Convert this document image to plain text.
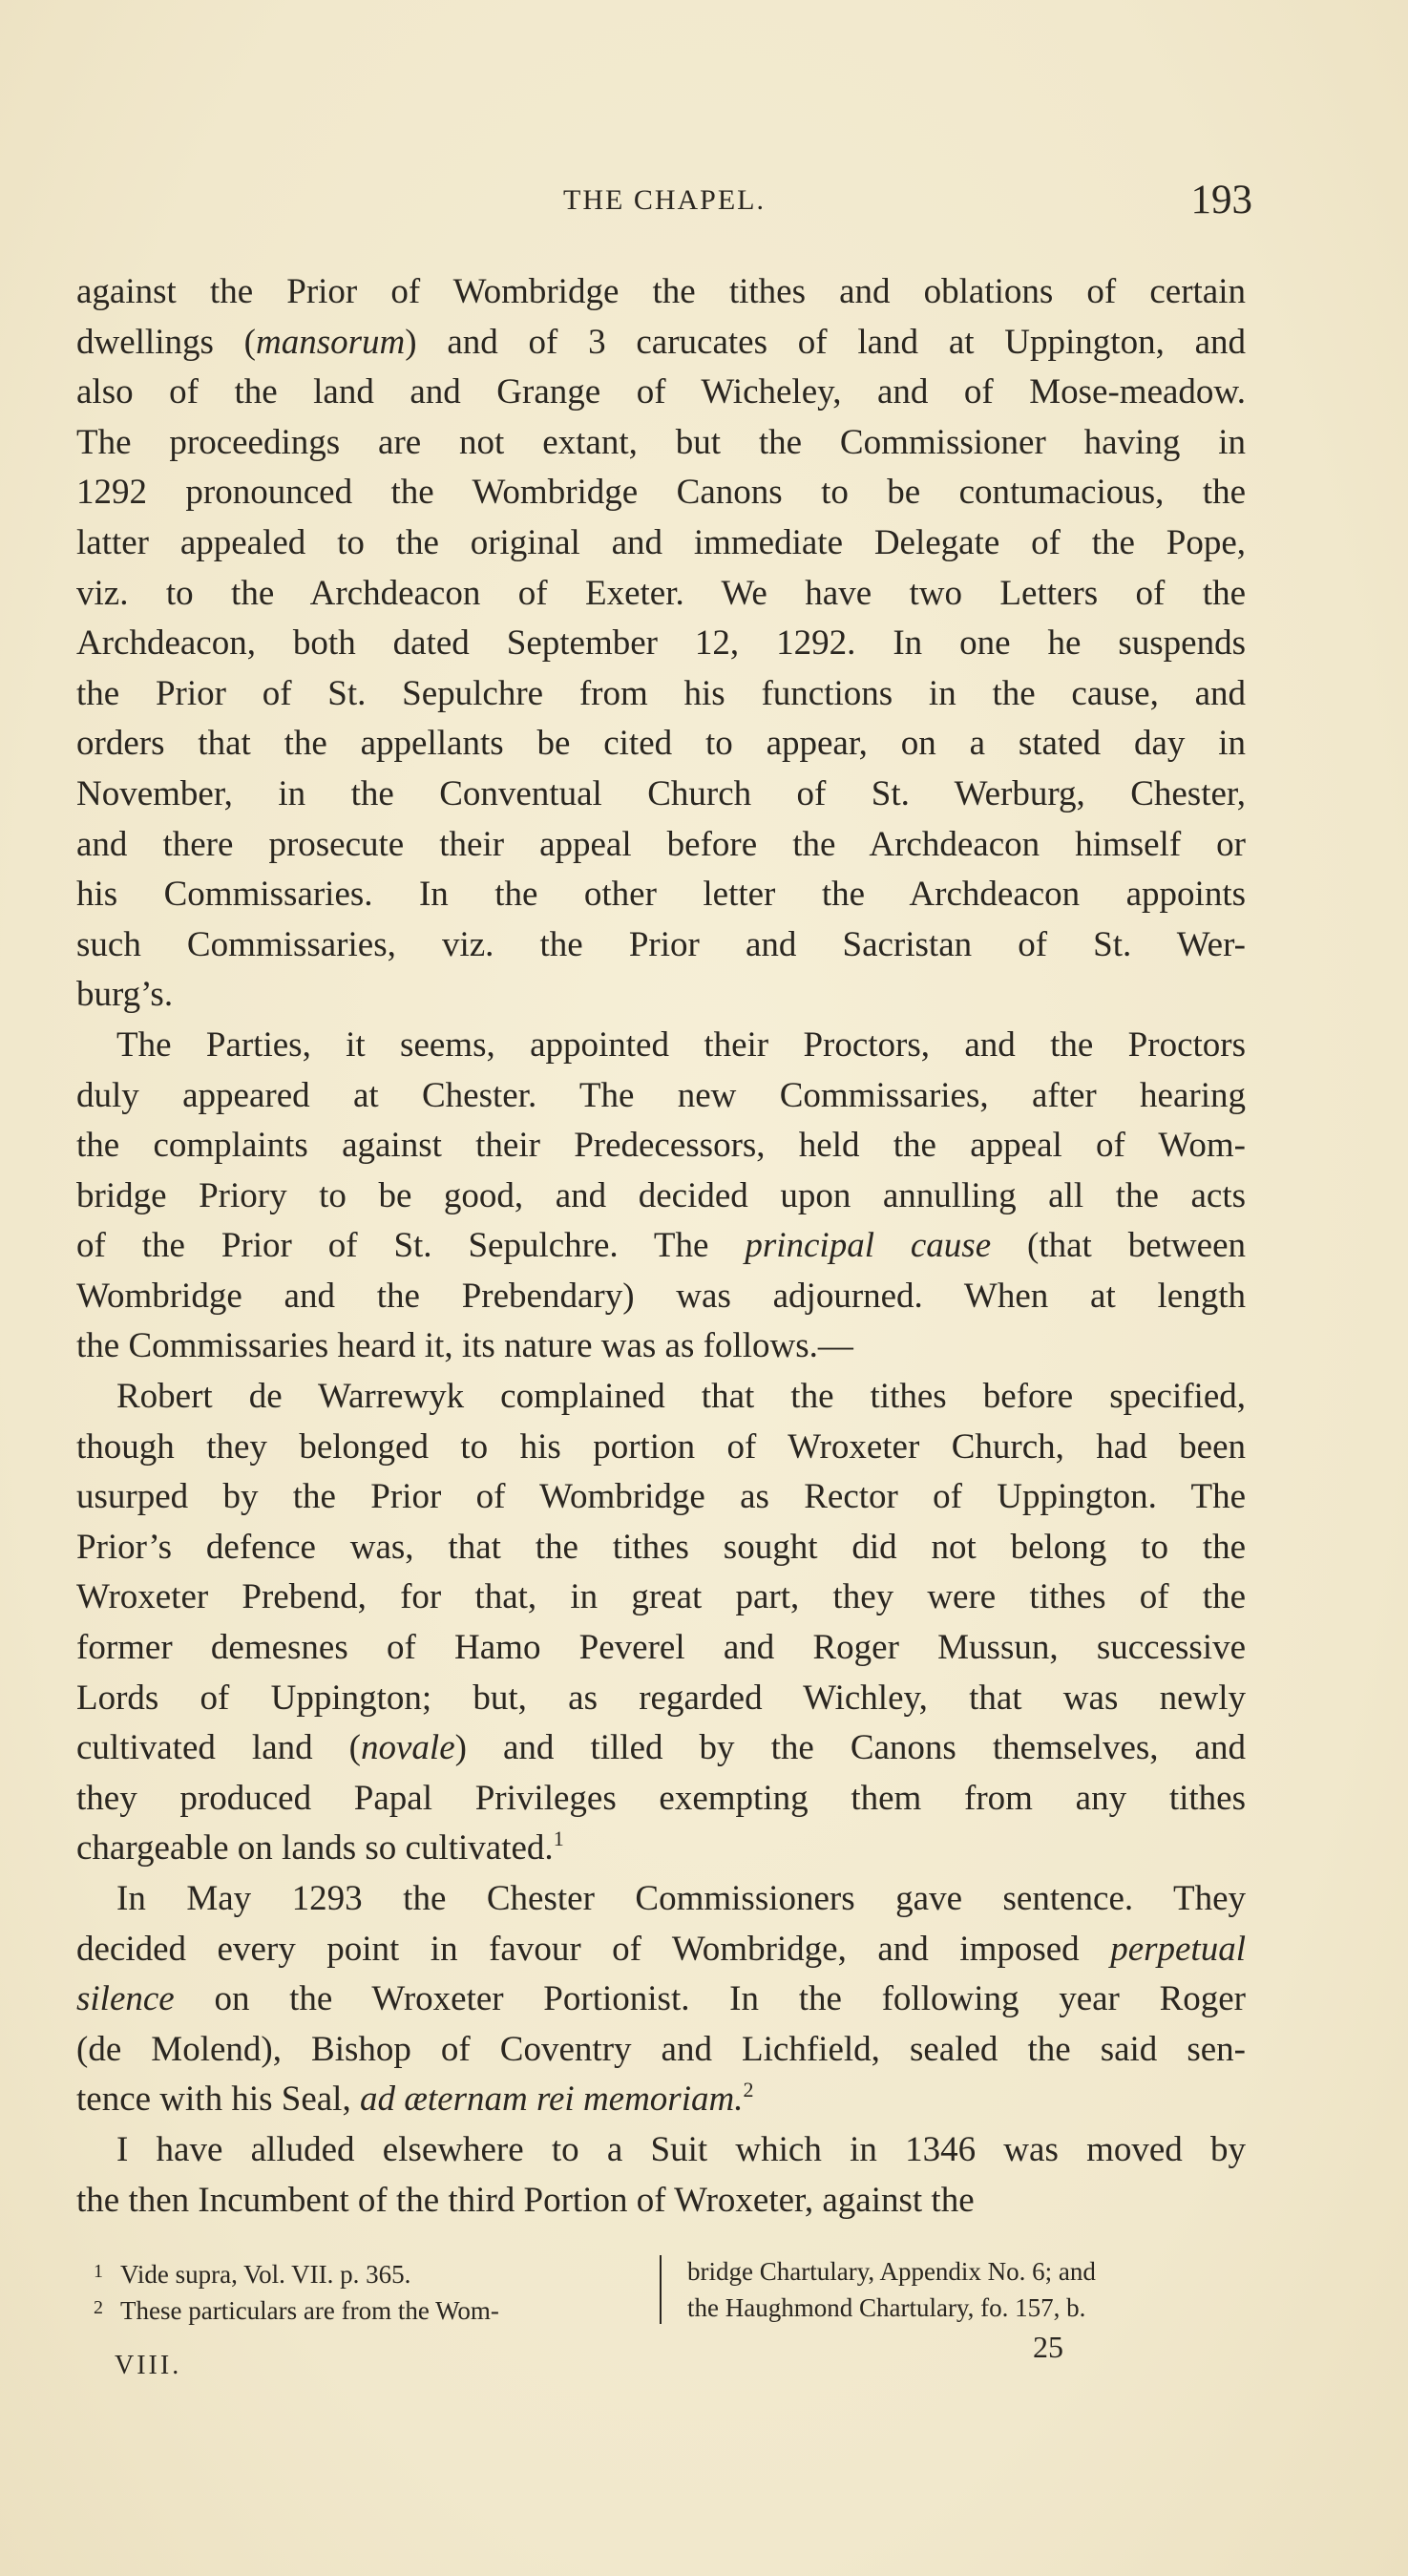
THE CHAPEL.	193
against the Prior of Wombridge the tithes and oblations of certain
dwellings (mansorum) and of 3 carucates of land at Uppington, and
also of the land and Grange of Wicheley, and of Mose-meadow.
The proceedings are not extant, but the Commissioner having in
1292 pronounced the Wombridge Canons to be contumacious, the
latter appealed to the original and immediate Delegate of the Pope,
viz. to the Archdeacon of Exeter. We have two Letters of the
Archdeacon, both dated September 12, 1292. In one he suspends
the Prior of St. Sepulchre from his functions in the cause, and
orders that the appellants be cited to appear, on a stated day in
November, in the Conventual Church of St. Werburg, Chester,
and there prosecute their appeal before the Archdeacon himself or
his Commissaries. In the other letter the Archdeacon appoints
such Commissaries, viz. the Prior and Sacristan of St. Wer-
burg’s.
The Parties, it seems, appointed their Proctors, and the Proctors
duly appeared at Chester. The new Commissaries, after hearing
the complaints against their Predecessors, held the appeal of Wom-
bridge Priory to be good, and decided upon annulling all the acts
of the Prior of St. Sepulchre. The principal cause (that between
Wombridge and the Prebendary) was adjourned. When at length
the Commissaries heard it, its nature was as follows.—
Robert de Warrewyk complained that the tithes before specified,
though they belonged to his portion of Wroxeter Church, had been
usurped by the Prior of Wombridge as Rector of Uppington. The
Prior’s defence was, that the tithes sought did not belong to the
Wroxeter Prebend, for that, in great part, they were tithes of the
former demesnes of Hamo Peverel and Roger Mussun, successive
Lords of Uppington; but, as regarded Wichley, that was newly
cultivated land (novale) and tilled by the Canons themselves, and
they produced Papal Privileges exempting them from any tithes
chargeable on lands so cultivated.$^1$
In May 1293 the Chester Commissioners gave sentence. They
decided every point in favour of Wombridge, and imposed perpetual
silence on the Wroxeter Portionist. In the following year Roger
(de Molend), Bishop of Coventry and Lichfield, sealed the said sen-
tence with his Seal, ad æternam rei memoriam.$^2$
I have alluded elsewhere to a Suit which in 1346 was moved by
the then Incumbent of the third Portion of Wroxeter, against the
1 Vide supra, Vol. VII. p. 365.
2 These particulars are from the Wom-
bridge Chartulary, Appendix No. 6; and
the Haughmond Chartulary, fo. 157, b.
VIII.
25
